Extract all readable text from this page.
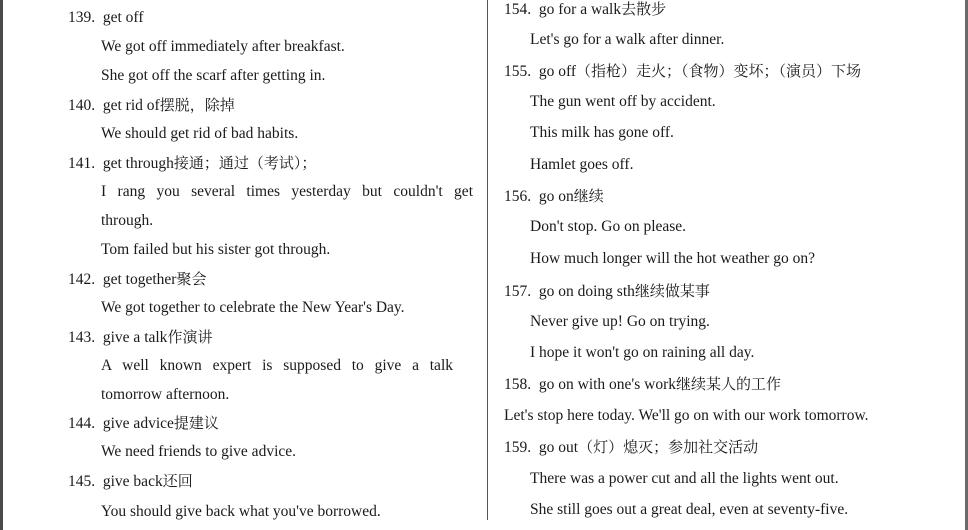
139. get off
We got off immediately after breakfast.
She got off the scarf after getting in.
140. get rid of摆脱，除掉
We should get rid of bad habits.
141. get through接通；通过（考试）；
I rang you several times yesterday but couldn't get
through.
Tom failed but his sister got through.
142. get together聚会
We got together to celebrate the New Year's Day.
143. give a talk作演讲
A well known expert is supposed to give a talk
tomorrow afternoon.
144. give advice提建议
We need friends to give advice.
145. give back还回
You should give back what you've borrowed.
154. go for a walk去散步
Let's go for a walk after dinner.
155. go off（指枪）走火；（食物）变坏；（演员）下场
The gun went off by accident.
This milk has gone off.
Hamlet goes off.
156. go on继续
Don't stop. Go on please.
How much longer will the hot weather go on?
157. go on doing sth继续做某事
Never give up! Go on trying.
I hope it won't go on raining all day.
158. go on with one's work继续某人的工作
Let's stop here today. We'll go on with our work tomorrow.
159. go out（灯）熄灭；参加社交活动
There was a power cut and all the lights went out.
She still goes out a great deal, even at seventy-five.
